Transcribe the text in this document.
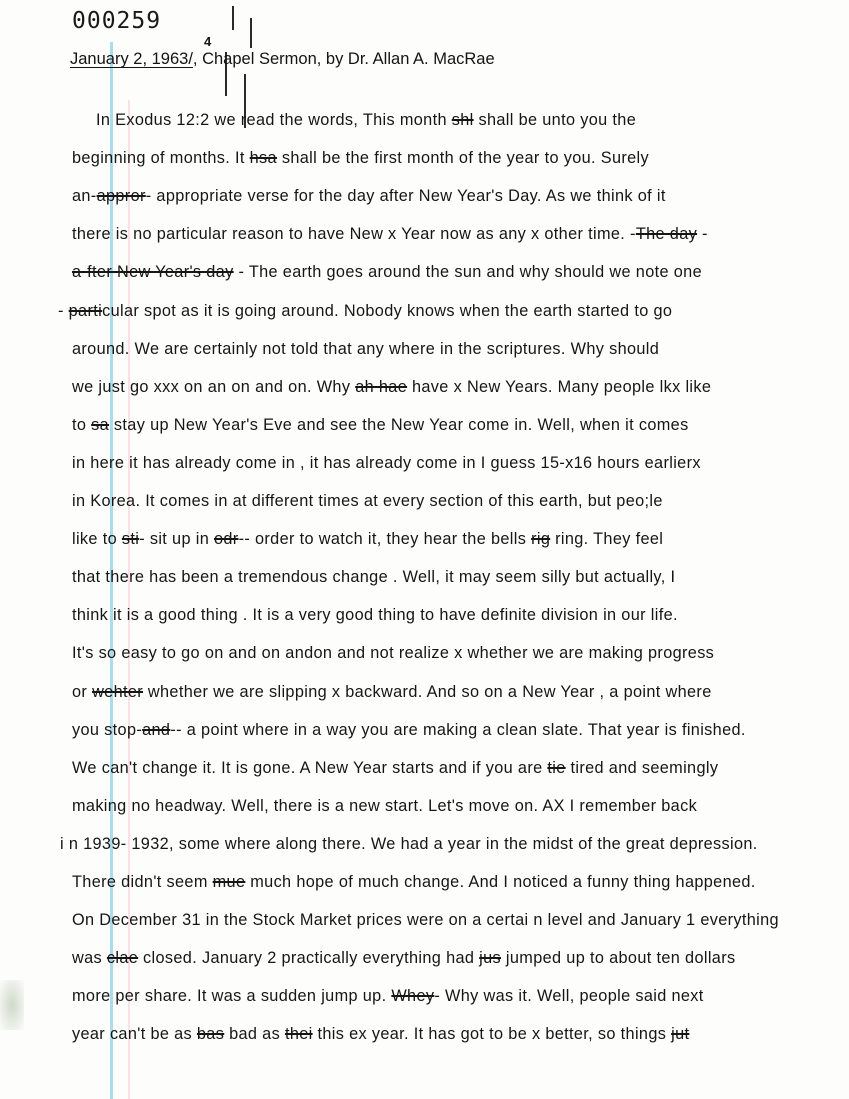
000259
4
January 2, 1963/, Chapel Sermon, by Dr. Allan A. MacRae
In Exodus 12:2 we read the words, This month shl shall be unto you the
beginning of months. It hsa shall be the first month of the year to you. Surely
an-appror- appropriate verse for the day after New Year's Day. As we think of it
there is no particular reason to have New x Year now as any x other time. -The day -
a-fter New Year's day - The earth goes around the sun and why should we note one
- particular spot as it is going around. Nobody knows when the earth started to go
around. We are certainly not told that any where in the scriptures. Why should
we just go xxx on an on and on. Why ah hae have x New Years. Many people lkx like
to sa stay up New Year's Eve and see the New Year come in. Well, when it comes
in here it has already come in , it has already come in I guess 15-x16 hours earlierx
in Korea. It comes in at different times at every section of this earth, but peo;le
like to sti- sit up in odr-- order to watch it, they hear the bells rig ring. They feel
that there has been a tremendous change . Well, it may seem silly but actually, I
think it is a good thing . It is a very good thing to have definite division in our life.
It's so easy to go on and on andon and not realize x whether we are making progress
or wehter whether we are slipping x backward. And so on a New Year , a point where
you stop-and-- a point where in a way you are making a clean slate. That year is finished.
We can't change it. It is gone. A New Year starts and if you are tie tired and seemingly
making no headway. Well, there is a new start. Let's move on. AX I remember back
i n 1939- 1932, some where along there. We had a year in the midst of the great depression.
There didn't seem mue much hope of much change. And I noticed a funny thing happened.
On December 31 in the Stock Market prices were on a certai n level and January 1 everything
was clae closed. January 2 practically everything had jus jumped up to about ten dollars
more per share. It was a sudden jump up. Whey- Why was it. Well, people said next
year can't be as bas bad as thei this ex year. It has got to be x better, so things jut
